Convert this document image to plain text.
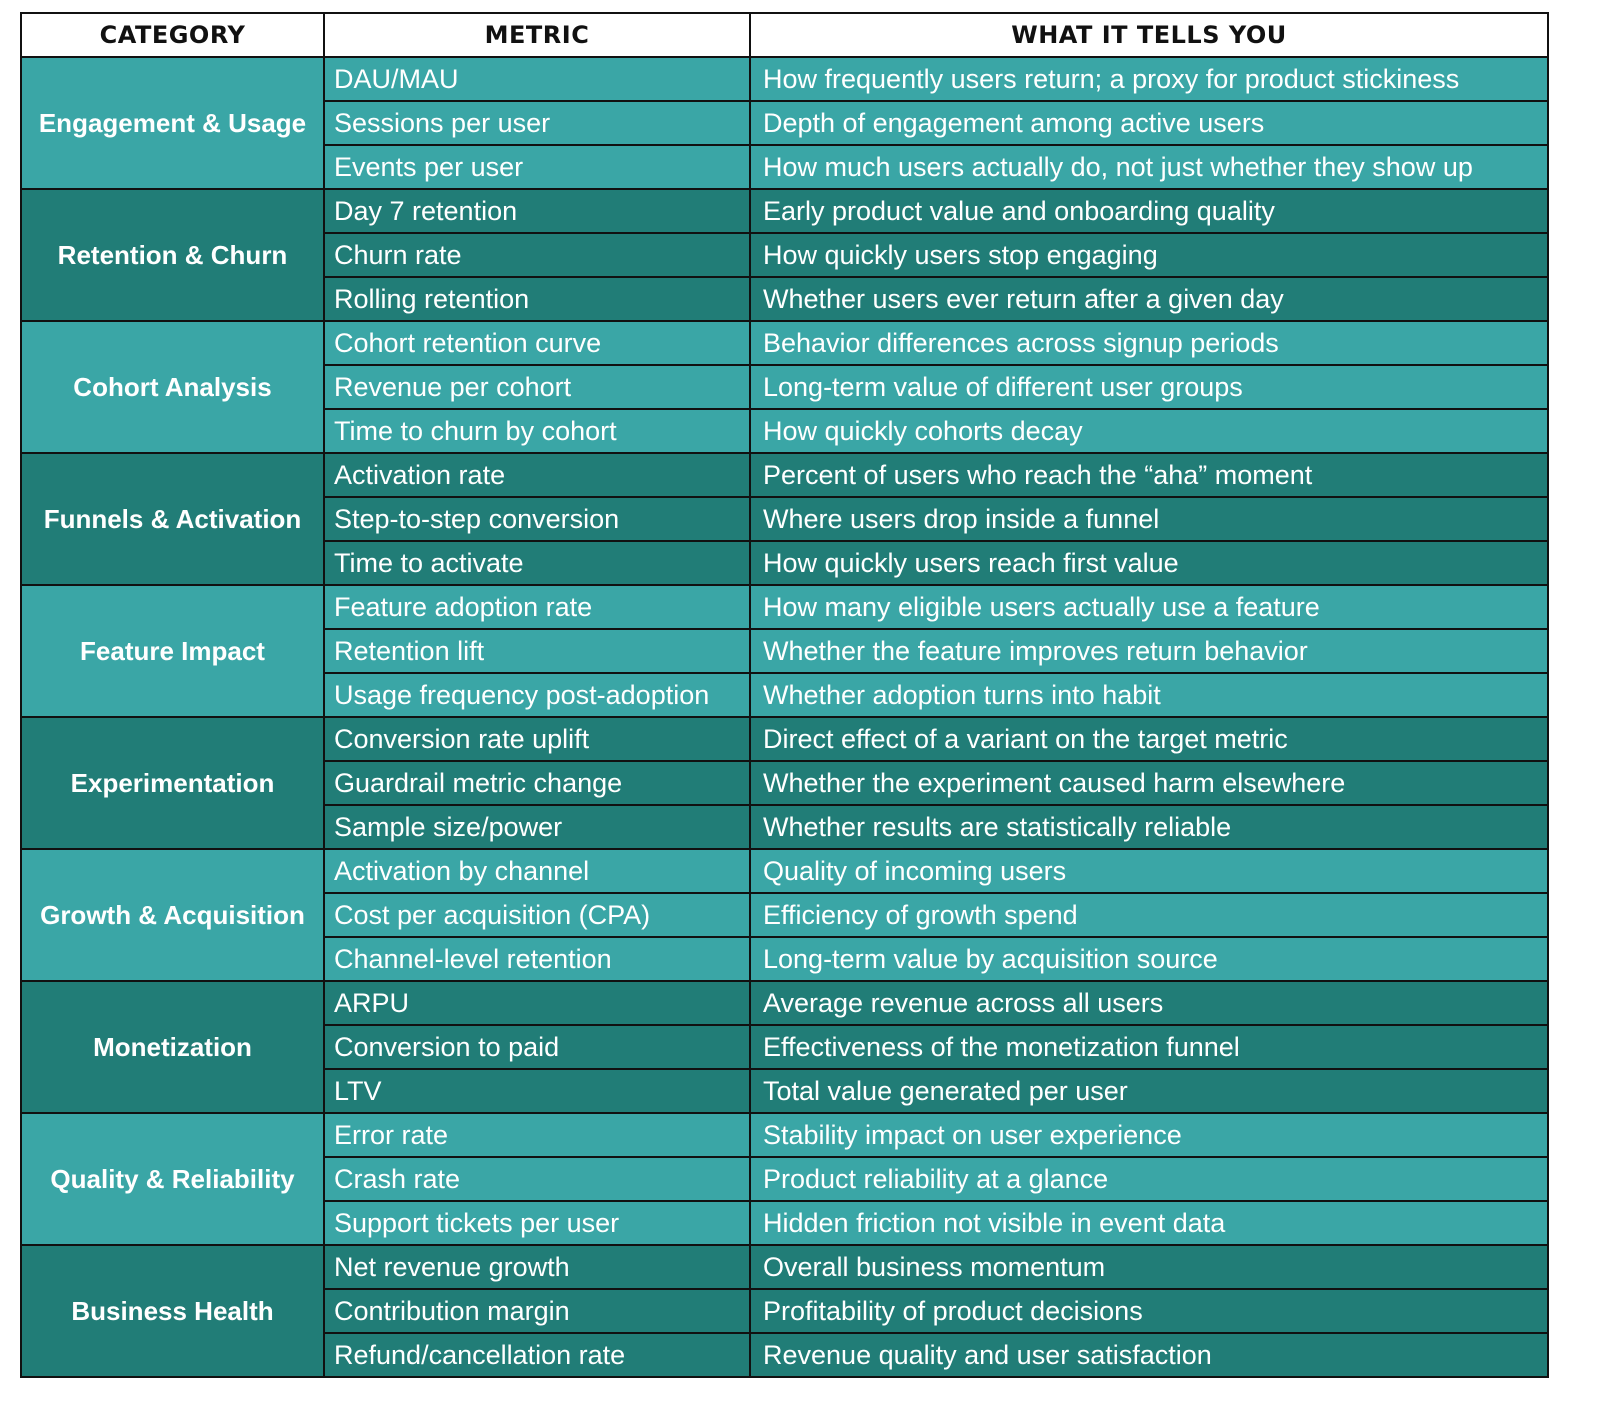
CATEGORY	METRIC	WHAT IT TELLS YOU
Engagement & Usage	DAU/MAU	How frequently users return; a proxy for product stickiness
	Sessions per user	Depth of engagement among active users
	Events per user	How much users actually do, not just whether they show up
Retention & Churn	Day 7 retention	Early product value and onboarding quality
	Churn rate	How quickly users stop engaging
	Rolling retention	Whether users ever return after a given day
Cohort Analysis	Cohort retention curve	Behavior differences across signup periods
	Revenue per cohort	Long-term value of different user groups
	Time to churn by cohort	How quickly cohorts decay
Funnels & Activation	Activation rate	Percent of users who reach the “aha” moment
	Step-to-step conversion	Where users drop inside a funnel
	Time to activate	How quickly users reach first value
Feature Impact	Feature adoption rate	How many eligible users actually use a feature
	Retention lift	Whether the feature improves return behavior
	Usage frequency post-adoption	Whether adoption turns into habit
Experimentation	Conversion rate uplift	Direct effect of a variant on the target metric
	Guardrail metric change	Whether the experiment caused harm elsewhere
	Sample size/power	Whether results are statistically reliable
Growth & Acquisition	Activation by channel	Quality of incoming users
	Cost per acquisition (CPA)	Efficiency of growth spend
	Channel-level retention	Long-term value by acquisition source
Monetization	ARPU	Average revenue across all users
	Conversion to paid	Effectiveness of the monetization funnel
	LTV	Total value generated per user
Quality & Reliability	Error rate	Stability impact on user experience
	Crash rate	Product reliability at a glance
	Support tickets per user	Hidden friction not visible in event data
Business Health	Net revenue growth	Overall business momentum
	Contribution margin	Profitability of product decisions
	Refund/cancellation rate	Revenue quality and user satisfaction
